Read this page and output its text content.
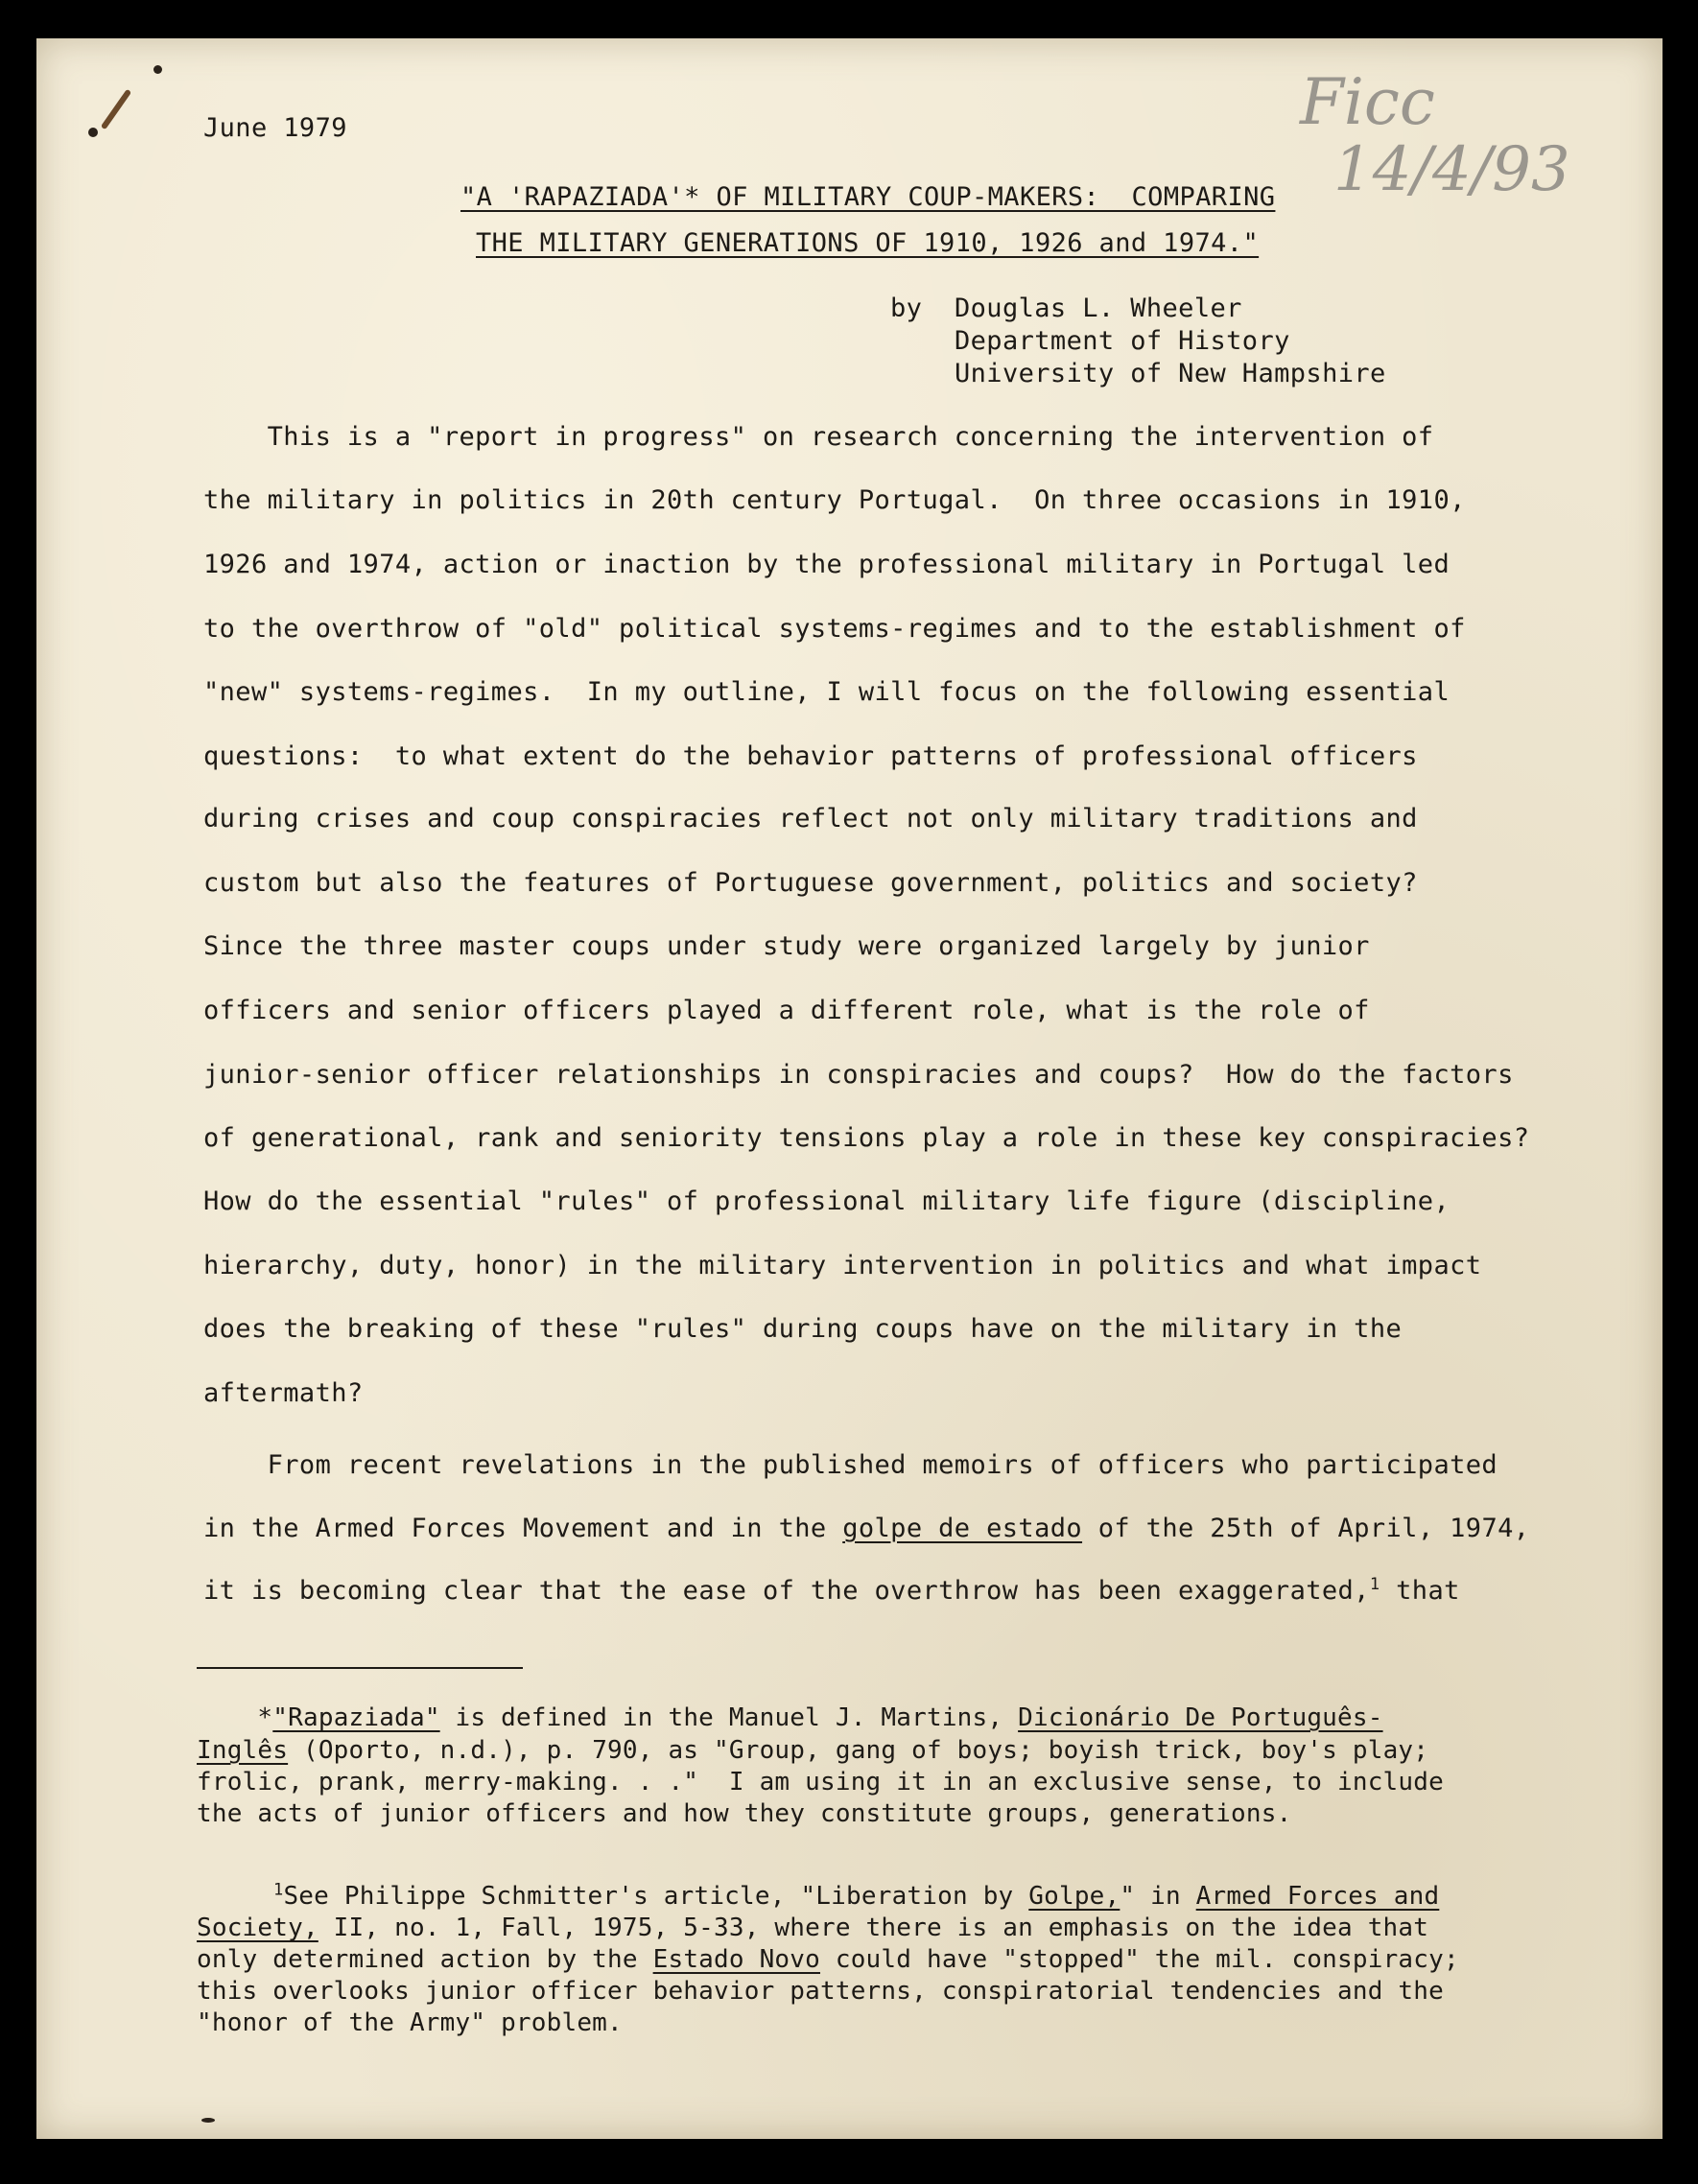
June 1979	Ficc
14/4/93

"A 'RAPAZIADA'* OF MILITARY COUP-MAKERS:  COMPARING

THE MILITARY GENERATIONS OF 1910, 1926 and 1974."

by Douglas L. Wheeler

Department of History

University of New Hampshire

This is a "report in progress" on research concerning the intervention of

the military in politics in 20th century Portugal.  On three occasions in 1910,

1926 and 1974, action or inaction by the professional military in Portugal led

to the overthrow of "old" political systems-regimes and to the establishment of

"new" systems-regimes.  In my outline, I will focus on the following essential

questions:  to what extent do the behavior patterns of professional officers

during crises and coup conspiracies reflect not only military traditions and

custom but also the features of Portuguese government, politics and society?

Since the three master coups under study were organized largely by junior

officers and senior officers played a different role, what is the role of

junior-senior officer relationships in conspiracies and coups?  How do the factors

of generational, rank and seniority tensions play a role in these key conspiracies?

How do the essential "rules" of professional military life figure (discipline,

hierarchy, duty, honor) in the military intervention in politics and what impact

does the breaking of these "rules" during coups have on the military in the

aftermath?

From recent revelations in the published memoirs of officers who participated

in the Armed Forces Movement and in the golpe de estado of the 25th of April, 1974,

it is becoming clear that the ease of the overthrow has been exaggerated,$^1$ that

*"Rapaziada" is defined in the Manuel J. Martins, Dicionário De Português-

Inglês (Oporto, n.d.), p. 790, as "Group, gang of boys; boyish trick, boy's play;

frolic, prank, merry-making. . ."  I am using it in an exclusive sense, to include

the acts of junior officers and how they constitute groups, generations.

$^1$See Philippe Schmitter's article, "Liberation by Golpe," in Armed Forces and

Society, II, no. 1, Fall, 1975, 5-33, where there is an emphasis on the idea that

only determined action by the Estado Novo could have "stopped" the mil. conspiracy;

this overlooks junior officer behavior patterns, conspiratorial tendencies and the

"honor of the Army" problem.
